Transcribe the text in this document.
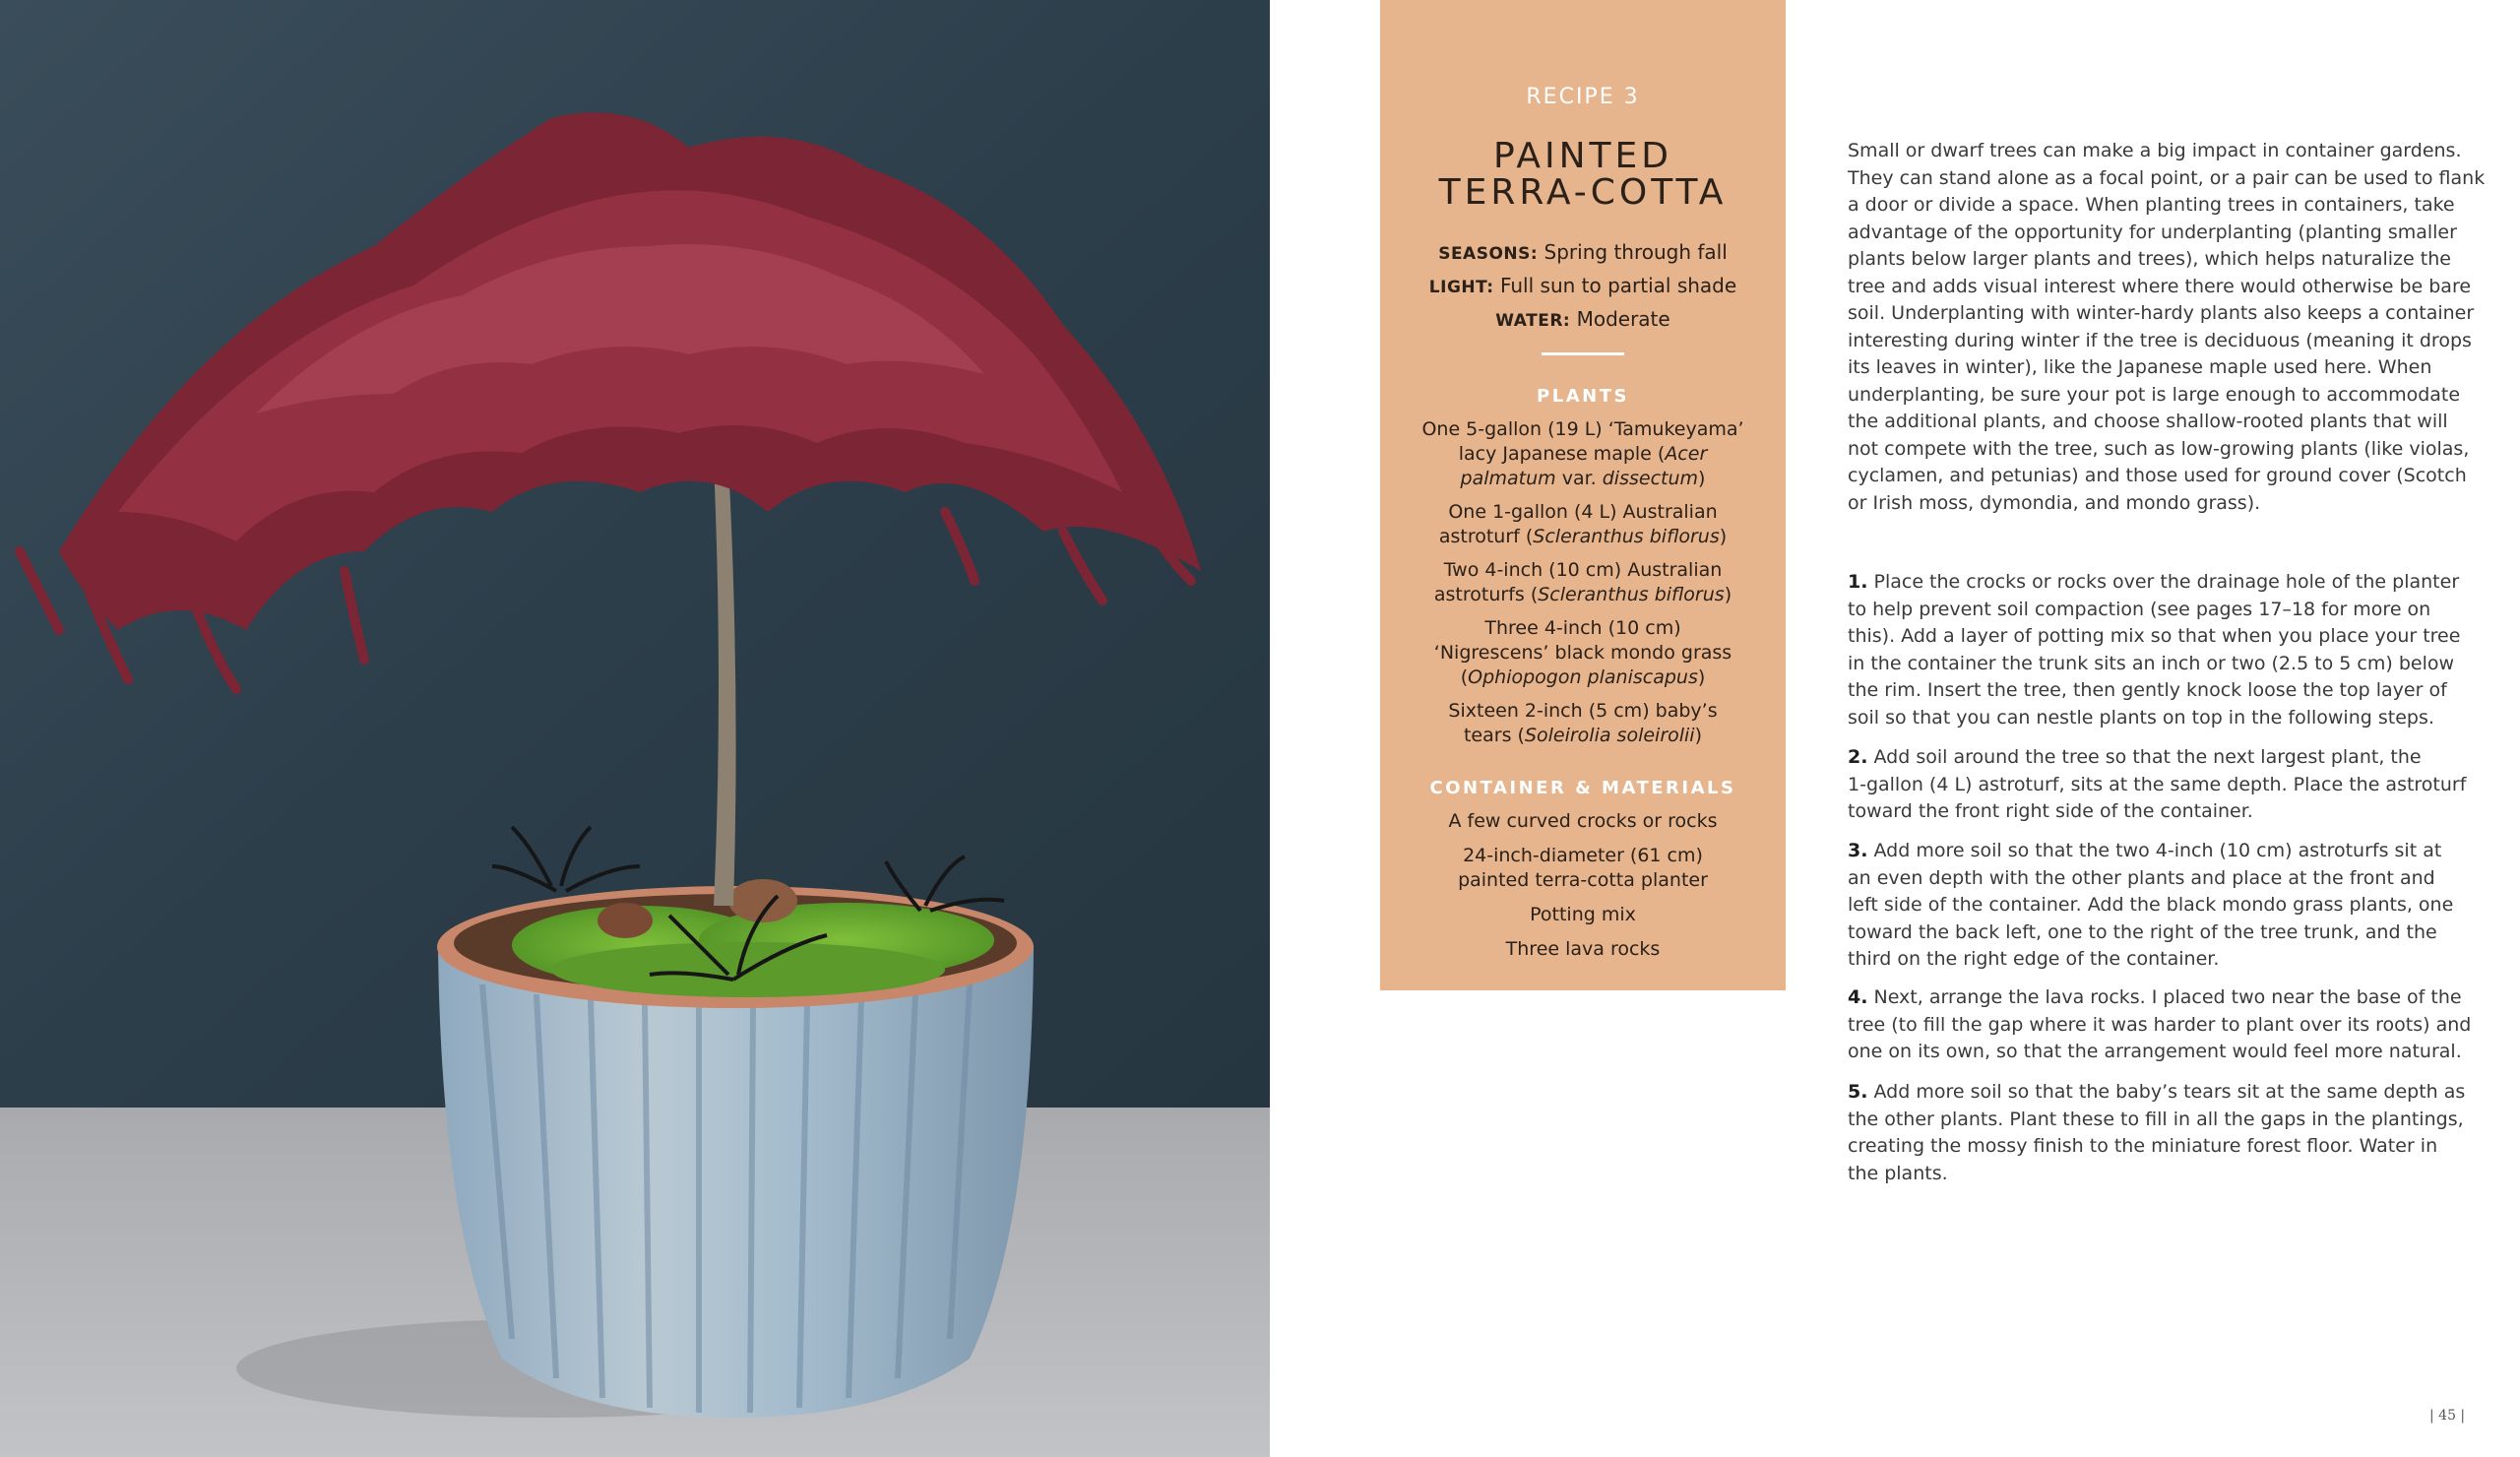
RECIPE 3
PAINTED
TERRA-COTTA
SEASONS: Spring through fall
LIGHT: Full sun to partial shade
WATER: Moderate
PLANTS
One 5-gallon (19 L) ‘Tamukeyama’
lacy Japanese maple (Acer
palmatum var. dissectum)
One 1-gallon (4 L) Australian
astroturf (Scleranthus biflorus)
Two 4-inch (10 cm) Australian
astroturfs (Scleranthus biflorus)
Three 4-inch (10 cm)
‘Nigrescens’ black mondo grass
(Ophiopogon planiscapus)
Sixteen 2-inch (5 cm) baby’s
tears (Soleirolia soleirolii)
CONTAINER & MATERIALS
A few curved crocks or rocks
24-inch-diameter (61 cm)
painted terra-cotta planter
Potting mix
Three lava rocks
Small or dwarf trees can make a big impact in container gardens.
They can stand alone as a focal point, or a pair can be used to flank
a door or divide a space. When planting trees in containers, take
advantage of the opportunity for underplanting (planting smaller
plants below larger plants and trees), which helps naturalize the
tree and adds visual interest where there would otherwise be bare
soil. Underplanting with winter-hardy plants also keeps a container
interesting during winter if the tree is deciduous (meaning it drops
its leaves in winter), like the Japanese maple used here. When
underplanting, be sure your pot is large enough to accommodate
the additional plants, and choose shallow-rooted plants that will
not compete with the tree, such as low-growing plants (like violas,
cyclamen, and petunias) and those used for ground cover (Scotch
or Irish moss, dymondia, and mondo grass).
1. Place the crocks or rocks over the drainage hole of the planter
to help prevent soil compaction (see pages 17–18 for more on
this). Add a layer of potting mix so that when you place your tree
in the container the trunk sits an inch or two (2.5 to 5 cm) below
the rim. Insert the tree, then gently knock loose the top layer of
soil so that you can nestle plants on top in the following steps.
2. Add soil around the tree so that the next largest plant, the
1-gallon (4 L) astroturf, sits at the same depth. Place the astroturf
toward the front right side of the container.
3. Add more soil so that the two 4-inch (10 cm) astroturfs sit at
an even depth with the other plants and place at the front and
left side of the container. Add the black mondo grass plants, one
toward the back left, one to the right of the tree trunk, and the
third on the right edge of the container.
4. Next, arrange the lava rocks. I placed two near the base of the
tree (to fill the gap where it was harder to plant over its roots) and
one on its own, so that the arrangement would feel more natural.
5. Add more soil so that the baby’s tears sit at the same depth as
the other plants. Plant these to fill in all the gaps in the plantings,
creating the mossy finish to the miniature forest floor. Water in
the plants.
| 45 |
